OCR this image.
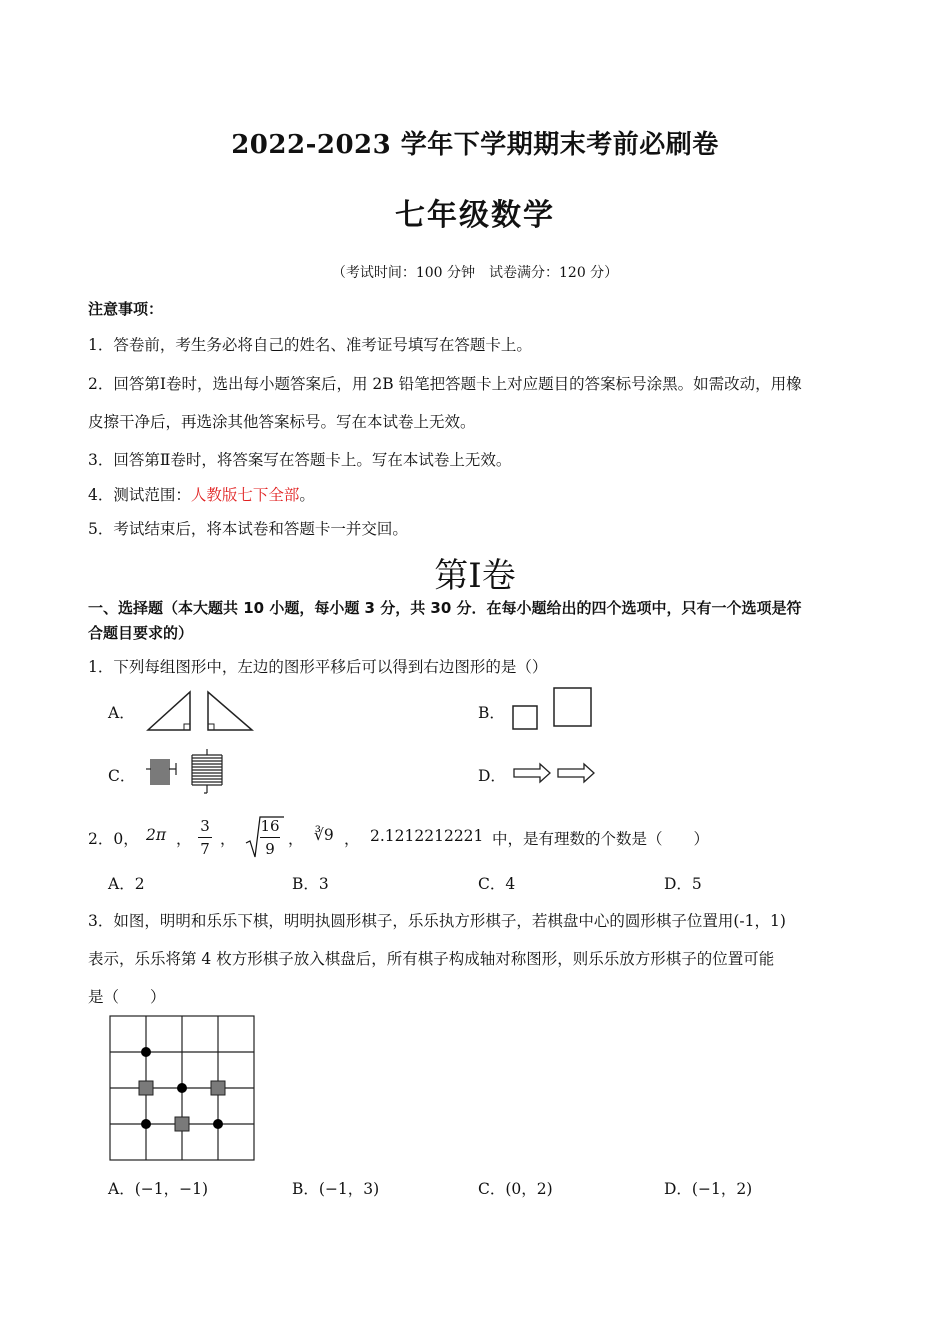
2022-2023 学年下学期期末考前必刷卷
七年级数学
（考试时间：100 分钟　试卷满分：120 分）
注意事项：
1．答卷前，考生务必将自己的姓名、准考证号填写在答题卡上。
2．回答第Ⅰ卷时，选出每小题答案后，用 2B 铅笔把答题卡上对应题目的答案标号涂黑。如需改动，用橡
皮擦干净后，再选涂其他答案标号。写在本试卷上无效。
3．回答第Ⅱ卷时，将答案写在答题卡上。写在本试卷上无效。
4．测试范围：人教版七下全部。
5．考试结束后，将本试卷和答题卡一并交回。
第Ⅰ卷
一、选择题（本大题共 10 小题，每小题 3 分，共 30 分．在每小题给出的四个选项中，只有一个选项是符
合题目要求的）
1．下列每组图形中，左边的图形平移后可以得到右边图形的是（）
A．	B．
C．	D．
2．0， 2π ，
3
7
，
16
9
， ∛9 ， 2.1212212221 中，是有理数的个数是（　　）
A．2	B．3	C．4	D．5
3．如图，明明和乐乐下棋，明明执圆形棋子，乐乐执方形棋子，若棋盘中心的圆形棋子位置用(-1，1)
表示，乐乐将第 4 枚方形棋子放入棋盘后，所有棋子构成轴对称图形，则乐乐放方形棋子的位置可能
是（　　）
A．(−1，−1)	B．(−1，3)	C．(0，2)	D．(−1，2)
